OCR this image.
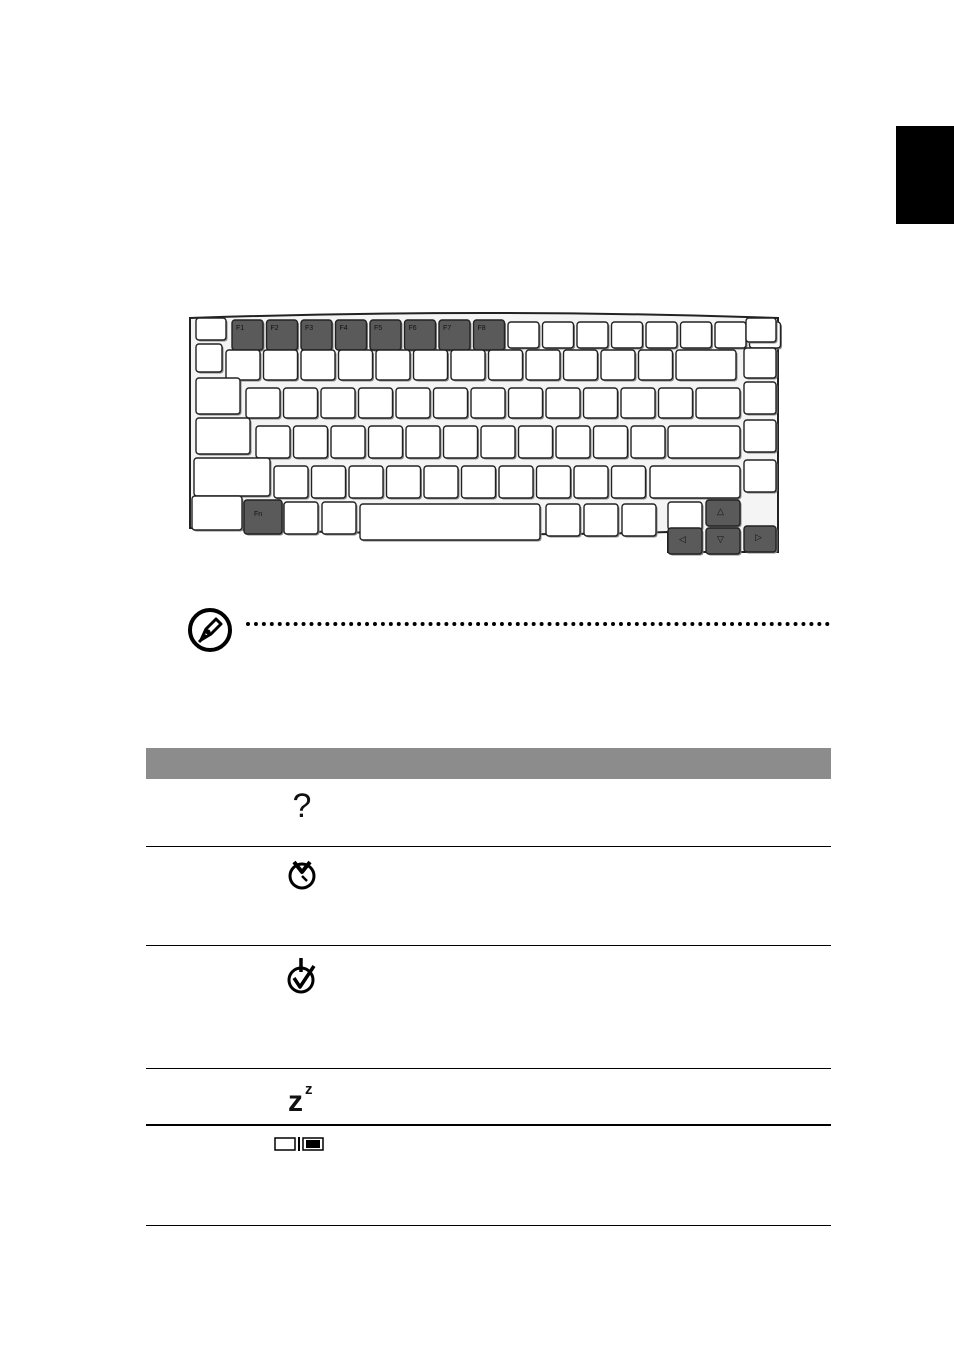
F1	F2	F3	F4	F5	F6	F7	F8
Fn	△
◁	▽	▷
?
z z
